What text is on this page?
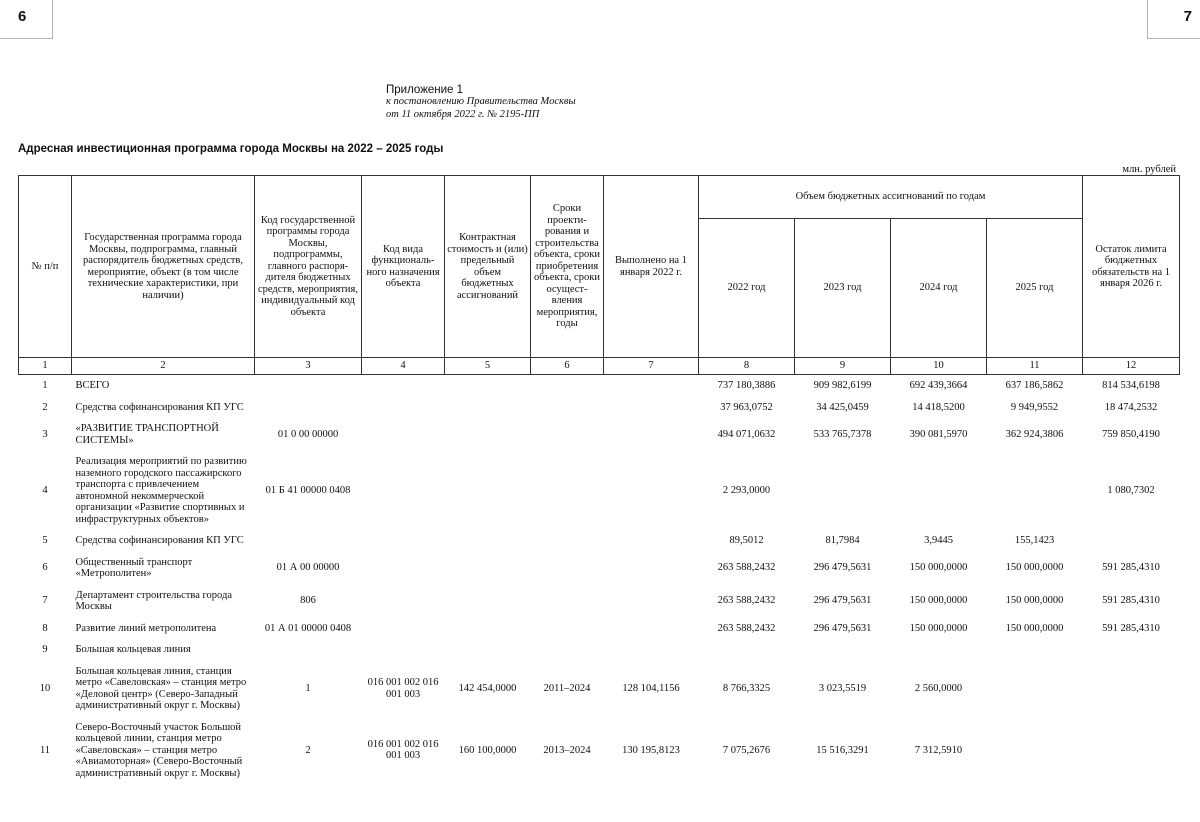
6	7
Приложение 1
к постановлению Правительства Москвы
от 11 октября 2022 г. № 2195-ПП
Адресная инвестиционная программа города Москвы на 2022 – 2025 годы
млн. рублей
№ п/п	Государственная программа города Москвы, подпрограмма, главный распорядитель бюджетных средств, мероприятие, объект (в том числе технические характеристики, при наличии)	Код государственной программы города Москвы, подпрограммы, главного распорядителя бюджетных средств, мероприятия, индивидуальный код объекта	Код вида функционального назначения объекта	Контрактная стоимость и (или) предельный объем бюджетных ассигнований	Сроки проектирования и строительства объекта, сроки приобретения объекта, сроки осуществления мероприятия, годы	Выполнено на 1 января 2022 г.	Объем бюджетных ассигнований по годам				Остаток лимита бюджетных обязательств на 1 января 2026 г.
							2022 год	2023 год	2024 год	2025 год	
1	2	3	4	5	6	7	8	9	10	11	12
1	ВСЕГО						737 180,3886	909 982,6199	692 439,3664	637 186,5862	814 534,6198
2	Средства софинансирования КП УГС						37 963,0752	34 425,0459	14 418,5200	9 949,9552	18 474,2532
3	«РАЗВИТИЕ ТРАНСПОРТНОЙ СИСТЕМЫ»	01 0 00 00000					494 071,0632	533 765,7378	390 081,5970	362 924,3806	759 850,4190
4	Реализация мероприятий по развитию наземного городского пассажирского транспорта с привлечением автономной некоммерческой организации «Развитие спортивных и инфраструктурных объектов»	01 Б 41 00000 0408					2 293,0000				1 080,7302
5	Средства софинансирования КП УГС						89,5012	81,7984	3,9445	155,1423	
6	Общественный транспорт «Метрополитен»	01 А 00 00000					263 588,2432	296 479,5631	150 000,0000	150 000,0000	591 285,4310
7	Департамент строительства города Москвы	806					263 588,2432	296 479,5631	150 000,0000	150 000,0000	591 285,4310
8	Развитие линий метрополитена	01 А 01 00000 0408					263 588,2432	296 479,5631	150 000,0000	150 000,0000	591 285,4310
9	Большая кольцевая линия										
10	Большая кольцевая линия, станция метро «Савеловская» – станция метро «Деловой центр» (Северо-Западный административный округ г. Москвы)	1	016 001 002 016 001 003	142 454,0000	2011–2024	128 104,1156	8 766,3325	3 023,5519	2 560,0000		
11	Северо-Восточный участок Большой кольцевой линии, станция метро «Савеловская» – станция метро «Авиамоторная» (Северо-Восточный административный округ г. Москвы)	2	016 001 002 016 001 003	160 100,0000	2013–2024	130 195,8123	7 075,2676	15 516,3291	7 312,5910		
